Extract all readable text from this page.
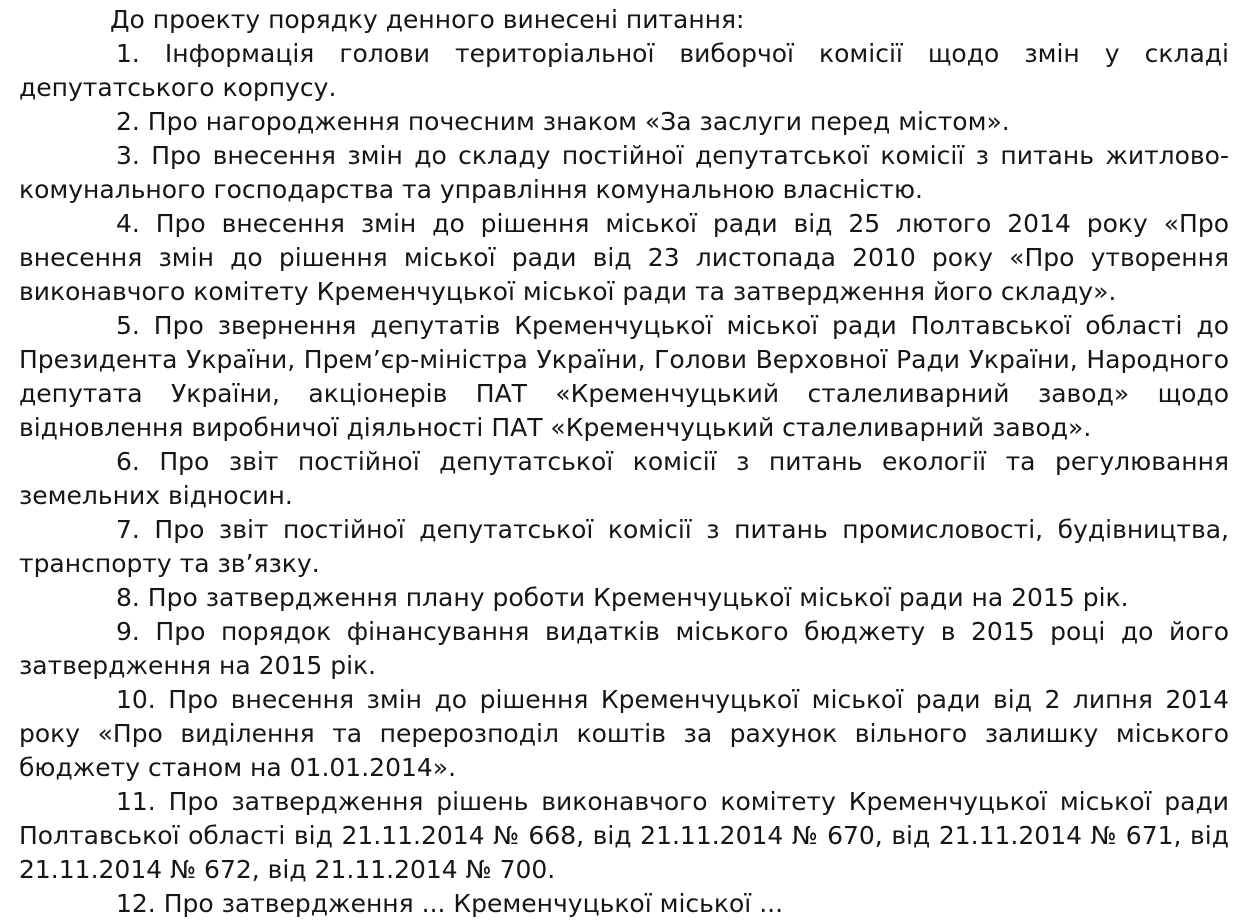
До проекту порядку денного винесені питання:

1. Інформація голови територіальної виборчої комісії щодо змін у складі депутатського корпусу.

2. Про нагородження почесним знаком «За заслуги перед містом».

3. Про внесення змін до складу постійної депутатської комісії з питань житлово-комунального господарства та управління комунальною власністю.

4. Про внесення змін до рішення міської ради від 25 лютого 2014 року «Про внесення змін до рішення міської ради від 23 листопада 2010 року «Про утворення виконавчого комітету Кременчуцької міської ради та затвердження його складу».

5. Про звернення депутатів Кременчуцької міської ради Полтавської області до Президента України, Прем’єр-міністра України, Голови Верховної Ради України, Народного депутата України, акціонерів ПАТ «Кременчуцький сталеливарний завод» щодо відновлення виробничої діяльності ПАТ «Кременчуцький сталеливарний завод».

6. Про звіт постійної депутатської комісії з питань екології та регулювання земельних відносин.

7. Про звіт постійної депутатської комісії з питань промисловості, будівництва, транспорту та зв’язку.

8. Про затвердження плану роботи Кременчуцької міської ради на 2015 рік.

9. Про порядок фінансування видатків міського бюджету в 2015 році до його затвердження на 2015 рік.

10. Про внесення змін до рішення Кременчуцької міської ради від 2 липня 2014 року «Про виділення та перерозподіл коштів за рахунок вільного залишку міського бюджету станом на 01.01.2014».

11. Про затвердження рішень виконавчого комітету Кременчуцької міської ради Полтавської області від 21.11.2014 № 668, від 21.11.2014 № 670, від 21.11.2014 № 671, від 21.11.2014 № 672, від 21.11.2014 № 700.

12. Про затвердження ... Кременчуцької міської ...
